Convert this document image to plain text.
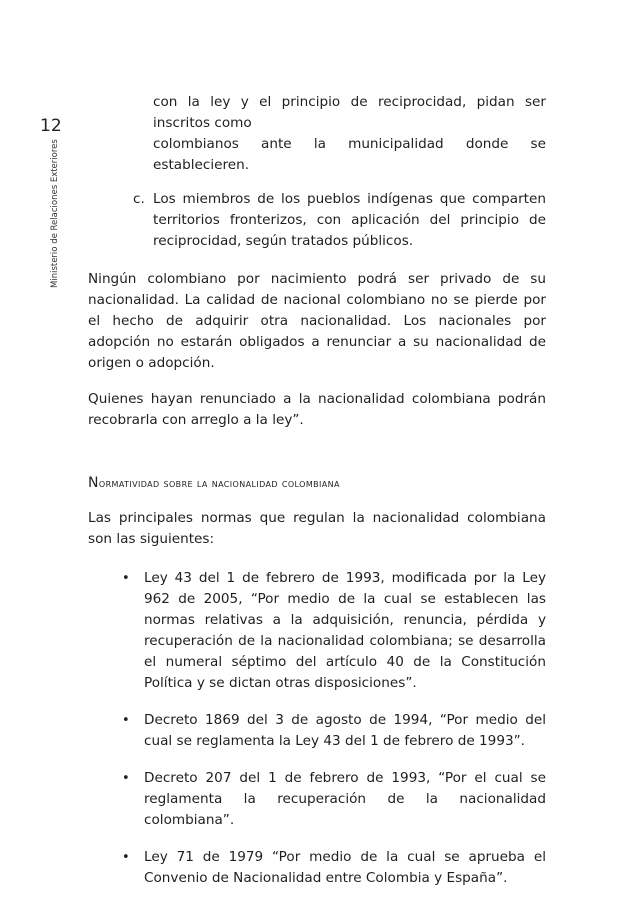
12
Ministerio de Relaciones Exteriores
con la ley y el principio de reciprocidad, pidan ser inscritos como
colombianos ante la municipalidad donde se establecieren.
c. Los miembros de los pueblos indígenas que comparten territorios fronterizos, con aplicación del principio de reciprocidad, según tratados públicos.

Ningún colombiano por nacimiento podrá ser privado de su nacionalidad. La calidad de nacional colombiano no se pierde por el hecho de adquirir otra nacionalidad. Los nacionales por adopción no estarán obligados a renunciar a su nacionalidad de origen o adopción.

Quienes hayan renunciado a la nacionalidad colombiana podrán recobrarla con arreglo a la ley”.

Normatividad sobre la nacionalidad colombiana

Las principales normas que regulan la nacionalidad colombiana son las siguientes:

• Ley 43 del 1 de febrero de 1993, modificada por la Ley 962 de 2005, “Por medio de la cual se establecen las normas relativas a la adquisición, renuncia, pérdida y recuperación de la nacionalidad colombiana; se desarrolla el numeral séptimo del artículo 40 de la Constitución Política y se dictan otras disposiciones”.
• Decreto 1869 del 3 de agosto de 1994, “Por medio del cual se reglamenta la Ley 43 del 1 de febrero de 1993”.
• Decreto 207 del 1 de febrero de 1993, “Por el cual se reglamenta la recuperación de la nacionalidad colombiana”.
• Ley 71 de 1979 “Por medio de la cual se aprueba el Convenio de Nacionalidad entre Colombia y España”.
